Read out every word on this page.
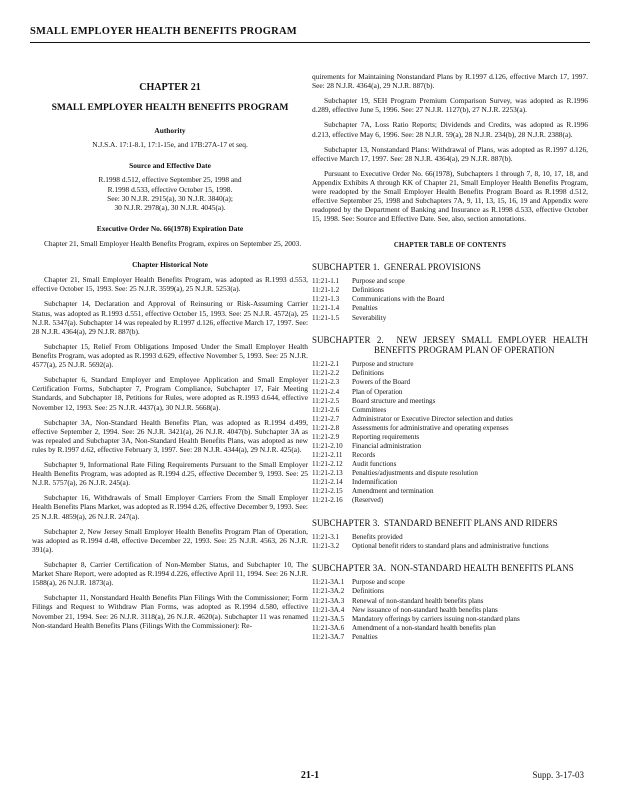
SMALL EMPLOYER HEALTH BENEFITS PROGRAM
CHAPTER 21
SMALL EMPLOYER HEALTH BENEFITS PROGRAM
Authority
N.J.S.A. 17:1-8.1, 17:1-15e, and 17B:27A-17 et seq.
Source and Effective Date
R.1998 d.512, effective September 25, 1998 and
R.1998 d.533, effective October 15, 1998.
See: 30 N.J.R. 2915(a), 30 N.J.R. 3840(a);
30 N.J.R. 2978(a), 30 N.J.R. 4045(a).
Executive Order No. 66(1978) Expiration Date
Chapter 21, Small Employer Health Benefits Program, expires on September 25, 2003.
Chapter Historical Note
Chapter 21, Small Employer Health Benefits Program, was adopted as R.1993 d.553, effective October 15, 1993. See: 25 N.J.R. 3599(a), 25 N.J.R. 5253(a).
Subchapter 14, Declaration and Approval of Reinsuring or Risk-Assuming Carrier Status, was adopted as R.1993 d.551, effective October 15, 1993. See: 25 N.J.R. 4572(a), 25 N.J.R. 5347(a). Subchapter 14 was repealed by R.1997 d.126, effective March 17, 1997. See: 28 N.J.R. 4364(a), 29 N.J.R. 887(b).
Subchapter 15, Relief From Obligations Imposed Under the Small Employer Health Benefits Program, was adopted as R.1993 d.629, effective November 5, 1993. See: 25 N.J.R. 4577(a), 25 N.J.R. 5692(a).
Subchapter 6, Standard Employer and Employee Application and Small Employer Certification Forms, Subchapter 7, Program Compliance, Subchapter 17, Fair Meeting Standards, and Subchapter 18, Petitions for Rules, were adopted as R.1993 d.644, effective November 12, 1993. See: 25 N.J.R. 4437(a), 30 N.J.R. 5668(a).
Subchapter 3A, Non-Standard Health Benefits Plan, was adopted as R.1994 d.499, effective September 2, 1994. See: 26 N.J.R. 3421(a), 26 N.J.R. 4047(b). Subchapter 3A as was repealed and Subchapter 3A, Non-Standard Health Benefits Plans, was adopted as new rules by R.1997 d.62, effective February 3, 1997. See: 28 N.J.R. 4344(a), 29 N.J.R. 425(a).
Subchapter 9, Informational Rate Filing Requirements Pursuant to the Small Employer Health Benefits Program, was adopted as R.1994 d.25, effective December 9, 1993. See: 25 N.J.R. 5757(a), 26 N.J.R. 245(a).
Subchapter 16, Withdrawals of Small Employer Carriers From the Small Employer Health Benefits Plans Market, was adopted as R.1994 d.26, effective December 9, 1993. See: 25 N.J.R. 4859(a), 26 N.J.R. 247(a).
Subchapter 2, New Jersey Small Employer Health Benefits Program Plan of Operation, was adopted as R.1994 d.48, effective December 22, 1993. See: 25 N.J.R. 4563, 26 N.J.R. 391(a).
Subchapter 8, Carrier Certification of Non-Member Status, and Subchapter 10, The Market Share Report, were adopted as R.1994 d.226, effective April 11, 1994. See: 26 N.J.R. 1588(a), 26 N.J.R. 1873(a).
Subchapter 11, Nonstandard Health Benefits Plan Filings With the Commissioner; Form Filings and Request to Withdraw Plan Forms, was adopted as R.1994 d.580, effective November 21, 1994. See: 26 N.J.R. 3118(a), 26 N.J.R. 4620(a). Subchapter 11 was renamed Non-standard Health Benefits Plans (Filings With the Commissioner): Re-
quirements for Maintaining Nonstandard Plans by R.1997 d.126, effective March 17, 1997. See: 28 N.J.R. 4364(a), 29 N.J.R. 887(b).
Subchapter 19, SEH Program Premium Comparison Survey, was adopted as R.1996 d.289, effective June 5, 1996. See: 27 N.J.R. 1127(b), 27 N.J.R. 2253(a).
Subchapter 7A, Loss Ratio Reports; Dividends and Credits, was adopted as R.1996 d.213, effective May 6, 1996. See: 28 N.J.R. 59(a), 28 N.J.R. 234(b), 28 N.J.R. 2388(a).
Subchapter 13, Nonstandard Plans: Withdrawal of Plans, was adopted as R.1997 d.126, effective March 17, 1997. See: 28 N.J.R. 4364(a), 29 N.J.R. 887(b).
Pursuant to Executive Order No. 66(1978), Subchapters 1 through 7, 8, 10, 17, 18, and Appendix Exhibits A through KK of Chapter 21, Small Employer Health Benefits Program, were readopted by the Small Employer Health Benefits Program Board as R.1998 d.512, effective September 25, 1998 and Subchapters 7A, 9, 11, 13, 15, 16, 19 and Appendix were readopted by the Department of Banking and Insurance as R.1998 d.533, effective October 15, 1998. See: Source and Effective Date. See, also, section annotations.
CHAPTER TABLE OF CONTENTS
SUBCHAPTER 1. GENERAL PROVISIONS
11:21-1.1	Purpose and scope
11:21-1.2	Definitions
11:21-1.3	Communications with the Board
11:21-1.4	Penalties
11:21-1.5	Severability
SUBCHAPTER 2. NEW JERSEY SMALL EMPLOYER HEALTH BENEFITS PROGRAM PLAN OF OPERATION
11:21-2.1	Purpose and structure
11:21-2.2	Definitions
11:21-2.3	Powers of the Board
11:21-2.4	Plan of Operation
11:21-2.5	Board structure and meetings
11:21-2.6	Committees
11:21-2.7	Administrator or Executive Director selection and duties
11:21-2.8	Assessments for administrative and operating expenses
11:21-2.9	Reporting requirements
11:21-2.10	Financial administration
11:21-2.11	Records
11:21-2.12	Audit functions
11:21-2.13	Penalties/adjustments and dispute resolution
11:21-2.14	Indemnification
11:21-2.15	Amendment and termination
11:21-2.16	(Reserved)
SUBCHAPTER 3. STANDARD BENEFIT PLANS AND RIDERS
11:21-3.1	Benefits provided
11:21-3.2	Optional benefit riders to standard plans and administrative functions
SUBCHAPTER 3A. NON-STANDARD HEALTH BENEFITS PLANS
11:21-3A.1	Purpose and scope
11:21-3A.2	Definitions
11:21-3A.3	Renewal of non-standard health benefits plans
11:21-3A.4	New issuance of non-standard health benefits plans
11:21-3A.5	Mandatory offerings by carriers issuing non-standard plans
11:21-3A.6	Amendment of a non-standard health benefits plan
11:21-3A.7	Penalties
21-1	Supp. 3-17-03
